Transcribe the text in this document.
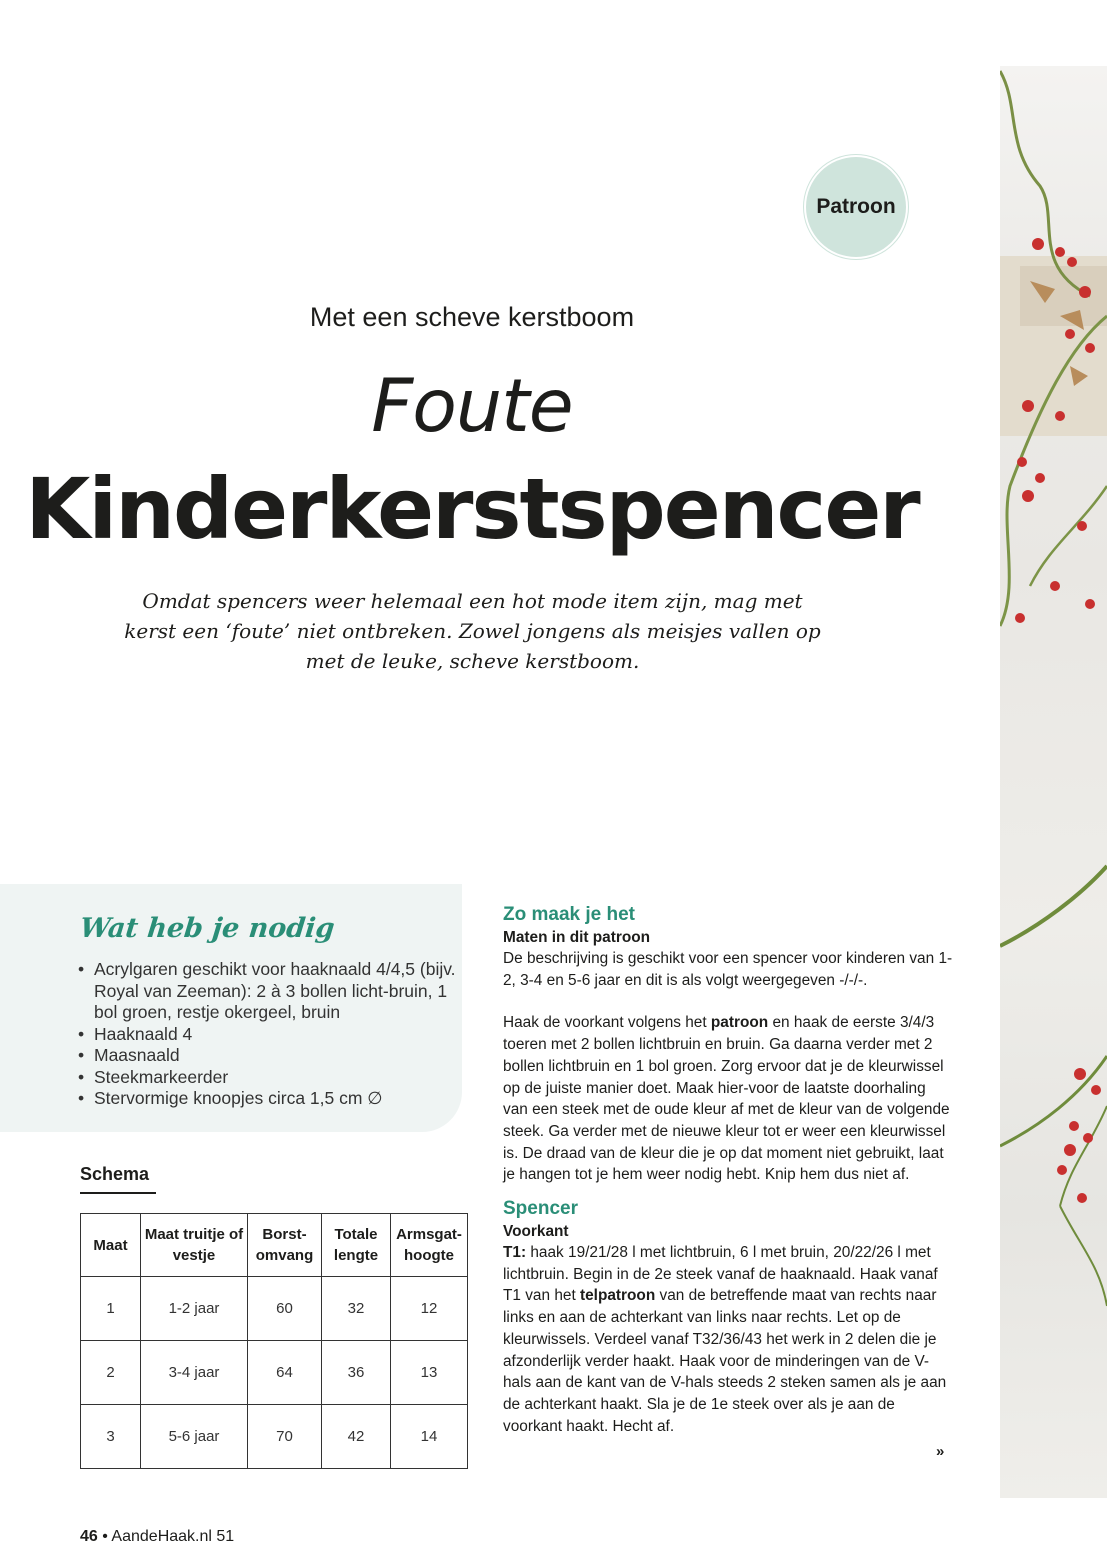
Patroon
Met een scheve kerstboom
Foute
Kinderkerstspencer
Omdat spencers weer helemaal een hot mode item zijn, mag met kerst een ‘foute’ niet ontbreken. Zowel jongens als meisjes vallen op met de leuke, scheve kerstboom.
Wat heb je nodig
• Acrylgaren geschikt voor haaknaald 4/4,5 (bijv. Royal van Zeeman): 2 à 3 bollen licht-bruin, 1 bol groen, restje okergeel, bruin
• Haaknaald 4
• Maasnaald
• Steekmarkeerder
• Stervormige knoopjes circa 1,5 cm ∅
Schema
Maat	Maat truitje of vestje	Borst-omvang	Totale lengte	Armsgat-hoogte
1	1-2 jaar	60	32	12
2	3-4 jaar	64	36	13
3	5-6 jaar	70	42	14
Zo maak je het
Maten in dit patroon

De beschrijving is geschikt voor een spencer voor kinderen van 1-2, 3-4 en 5-6 jaar en dit is als volgt weergegeven -/-/-.

Haak de voorkant volgens het patroon en haak de eerste 3/4/3 toeren met 2 bollen lichtbruin en bruin. Ga daarna verder met 2 bollen lichtbruin en 1 bol groen. Zorg ervoor dat je de kleurwissel op de juiste manier doet. Maak hier-voor de laatste doorhaling van een steek met de oude kleur af met de kleur van de volgende steek. Ga verder met de nieuwe kleur tot er weer een kleurwissel is. De draad van de kleur die je op dat moment niet gebruikt, laat je hangen tot je hem weer nodig hebt. Knip hem dus niet af.

Spencer
Voorkant

T1: haak 19/21/28 l met lichtbruin, 6 l met bruin, 20/22/26 l met lichtbruin. Begin in de 2e steek vanaf de haaknaald. Haak vanaf T1 van het telpatroon van de betreffende maat van rechts naar links en aan de achterkant van links naar rechts. Let op de kleurwissels. Verdeel vanaf T32/36/43 het werk in 2 delen die je afzonderlijk verder haakt. Haak voor de minderingen van de V-hals aan de kant van de V-hals steeds 2 steken samen als je aan de achterkant haakt. Sla je de 1e steek over als je aan de voorkant haakt. Hecht af.

»
46 • AandeHaak.nl 51
